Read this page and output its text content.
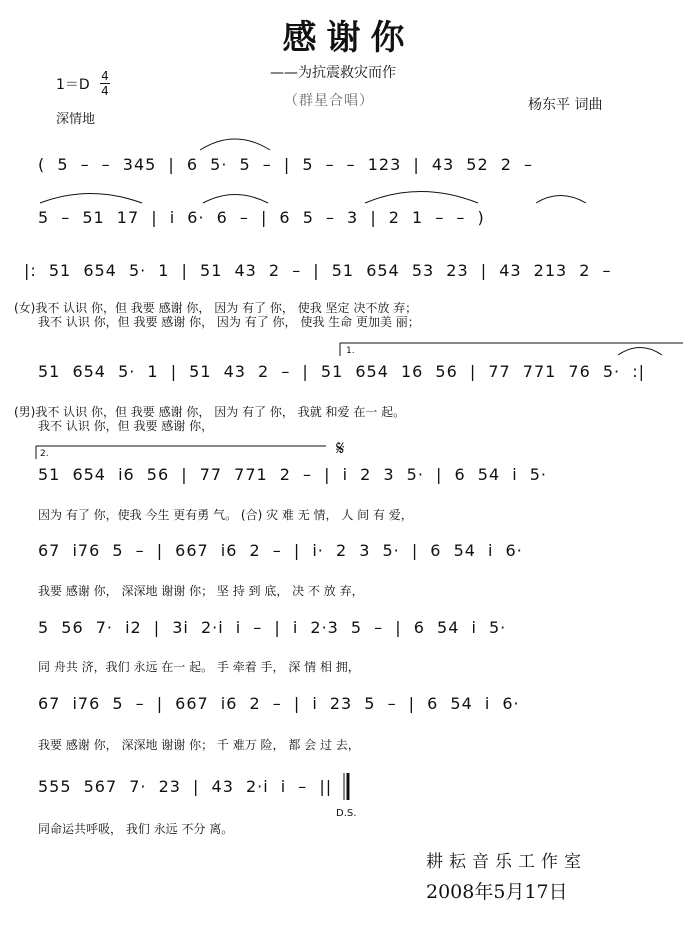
感谢你
——为抗震救灾而作
（群星合唱）
1＝D
4
4
深情地
杨东平 词曲
( 5 – – 345 | 6 5· 5 – | 5 – – 123 | 43 52 2 –
5 – 51 17 | i 6· 6 – | 6 5 – 3 | 2 1 – – )
|: 51 654 5· 1 | 51 43 2 – | 51 654 53 23 | 43 213 2 –
51 654 5· 1 | 51 43 2 – | 51 654 16 56 | 77 771 76 5· :|
51 654 i6 56 | 77 771 2 – | i 2 3 5· | 6 54 i 5·
67 i76 5 – | 667 i6 2 – | i· 2 3 5· | 6 54 i 6·
5 56 7· i2 | 3i 2·i i – | i 2·3 5 – | 6 54 i 5·
67 i76 5 – | 667 i6 2 – | i 23 5 – | 6 54 i 6·
555 567 7· 23 | 43 2·i i – ||
(女)我不 认识 你，但 我要 感谢 你， 因为 有了 你， 使我 坚定 决不放 弃；
我不 认识 你，但 我要 感谢 你， 因为 有了 你， 使我 生命 更加美 丽；
(男)我不 认识 你，但 我要 感谢 你， 因为 有了 你， 我就 和爱 在一 起。
我不 认识 你，但 我要 感谢 你，
因为 有了 你，使我 今生 更有勇 气。 (合) 灾 难 无 情， 人 间 有 爱，
我要 感谢 你， 深深地 谢谢 你； 坚 持 到 底， 决 不 放 弃，
同 舟共 济，我们 永远 在一 起。 手 牵着 手， 深 情 相 拥，
我要 感谢 你， 深深地 谢谢 你； 千 难万 险， 都 会 过 去，
同命运共呼吸， 我们 永远 不分 离。
1.
2.	𝄋
D.S.
耕耘音乐工作室
2008年5月17日
